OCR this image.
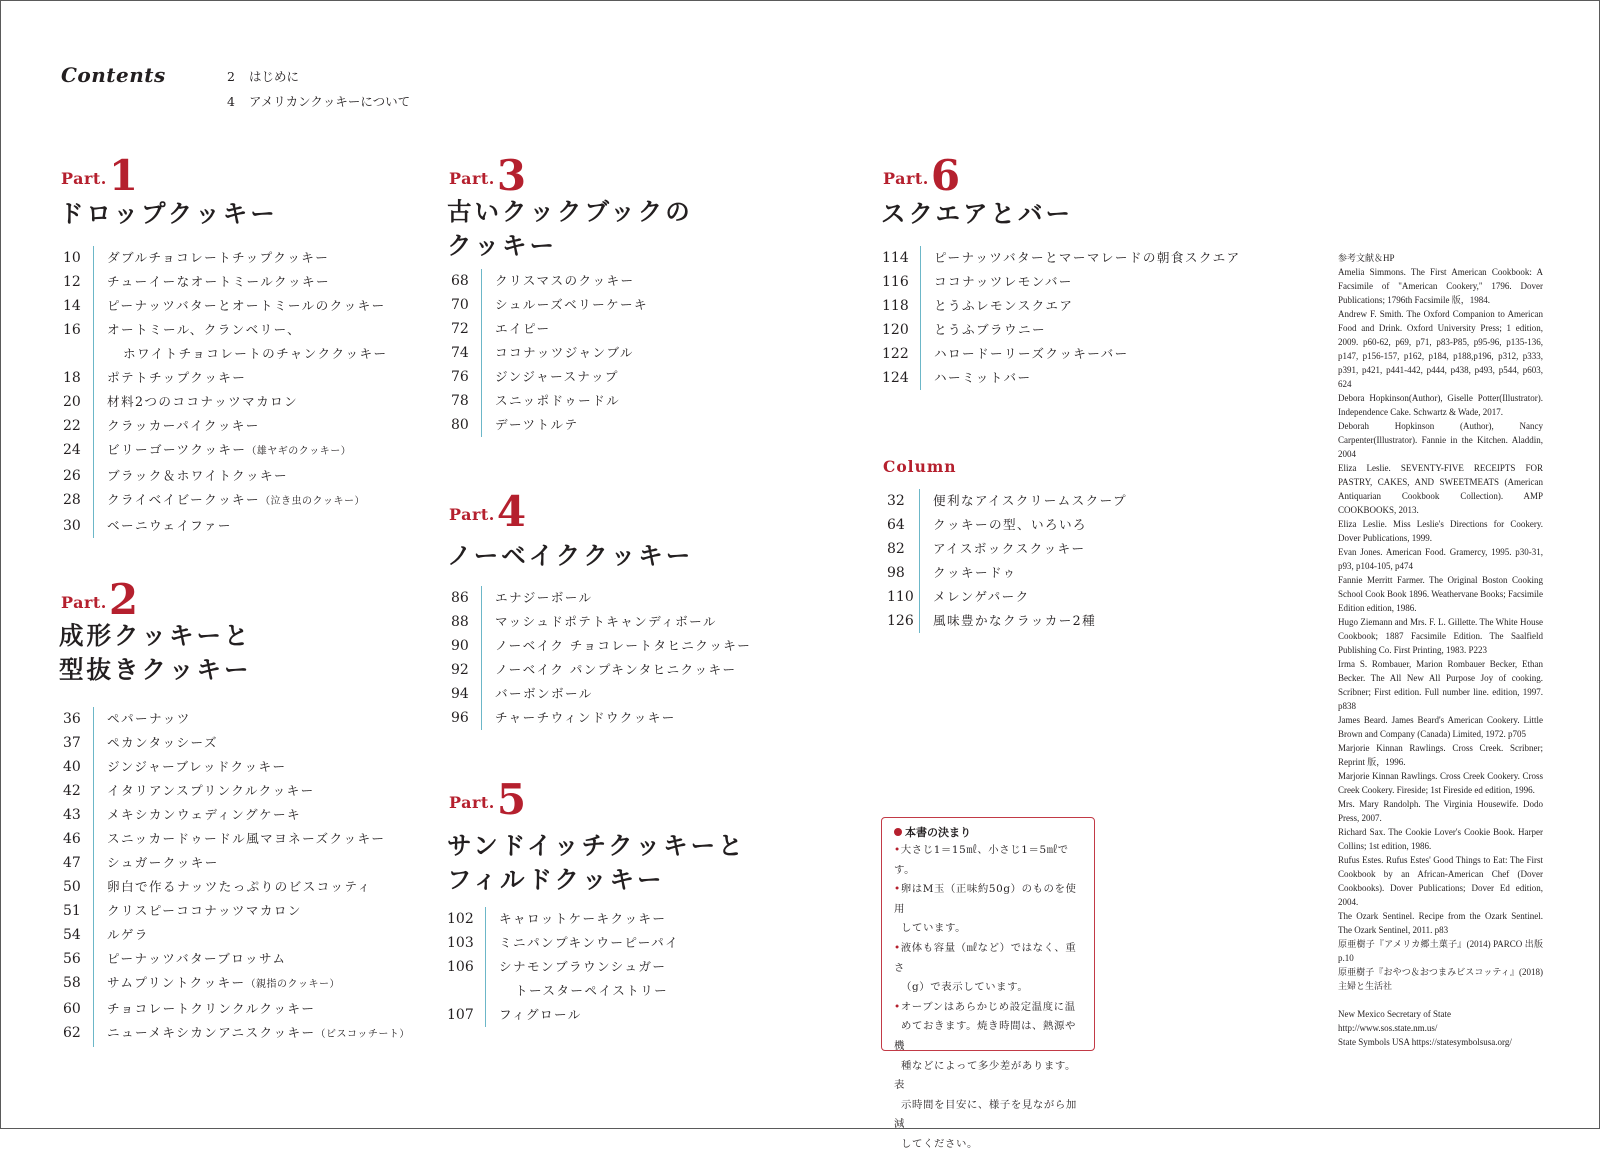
Contents	2 はじめに
4 アメリカンクッキーについて
Part.1
ドロップクッキー
10	ダブルチョコレートチップクッキー
12	チューイーなオートミールクッキー
14	ピーナッツバターとオートミールのクッキー
16	オートミール、クランベリー、
ホワイトチョコレートのチャンククッキー
18	ポテトチップクッキー
20	材料2つのココナッツマカロン
22	クラッカーパイクッキー
24	ビリーゴーツクッキー（雄ヤギのクッキー）
26	ブラック＆ホワイトクッキー
28	クライベイビークッキー（泣き虫のクッキー）
30	ベーニウェイファー
Part.2
成形クッキーと
型抜きクッキー
36	ペパーナッツ
37	ペカンタッシーズ
40	ジンジャーブレッドクッキー
42	イタリアンスプリンクルクッキー
43	メキシカンウェディングケーキ
46	スニッカードゥードル風マヨネーズクッキー
47	シュガークッキー
50	卵白で作るナッツたっぷりのビスコッティ
51	クリスピーココナッツマカロン
54	ルゲラ
56	ピーナッツバターブロッサム
58	サムプリントクッキー（親指のクッキー）
60	チョコレートクリンクルクッキー
62	ニューメキシカンアニスクッキー（ビスコッチート）
Part.3
古いクックブックの
クッキー
68	クリスマスのクッキー
70	シュルーズベリーケーキ
72	エイピー
74	ココナッツジャンブル
76	ジンジャースナップ
78	スニッポドゥードル
80	デーツトルテ
Part.4
ノーベイククッキー
86	エナジーボール
88	マッシュドポテトキャンディボール
90	ノーベイク チョコレートタヒニクッキー
92	ノーベイク パンプキンタヒニクッキー
94	バーボンボール
96	チャーチウィンドウクッキー
Part.5
サンドイッチクッキーと
フィルドクッキー
102	キャロットケーキクッキー
103	ミニパンプキンウーピーパイ
106	シナモンブラウンシュガー
トースターペイストリー
107	フィグロール
Part.6
スクエアとバー
114	ピーナッツバターとマーマレードの朝食スクエア
116	ココナッツレモンバー
118	とうふレモンスクエア
120	とうふブラウニー
122	ハロードーリーズクッキーバー
124	ハーミットバー
Column
32	便利なアイスクリームスクープ
64	クッキーの型、いろいろ
82	アイスボックスクッキー
98	クッキードゥ
110	メレンゲパーク
126	風味豊かなクラッカー2種
本書の決まり
•大さじ1＝15㎖、小さじ1＝5㎖です。
•卵はM玉（正味約50g）のものを使用
しています。
•液体も容量（㎖など）ではなく、重さ
（g）で表示しています。
•オーブンはあらかじめ設定温度に温
めておきます。焼き時間は、熱源や機
種などによって多少差があります。表
示時間を目安に、様子を見ながら加減
してください。

参考文献＆HP

Amelia Simmons. The First American Cookbook: A Facsimile of "American Cookery," 1796. Dover Publications; 1796th Facsimile 版，1984.

Andrew F. Smith. The Oxford Companion to American Food and Drink. Oxford University Press; 1 edition, 2009. p60-62, p69, p71, p83-P85, p95-96, p135-136, p147, p156-157, p162, p184, p188,p196, p312, p333, p391, p421, p441-442, p444, p438, p493, p544, p603, 624

Debora Hopkinson(Author), Giselle Potter(Illustrator). Independence Cake. Schwartz & Wade, 2017.

Deborah Hopkinson (Author), Nancy Carpenter(Illustrator). Fannie in the Kitchen. Aladdin, 2004

Eliza Leslie. SEVENTY-FIVE RECEIPTS FOR PASTRY, CAKES, AND SWEETMEATS (American Antiquarian Cookbook Collection). AMP COOKBOOKS, 2013.

Eliza Leslie. Miss Leslie's Directions for Cookery. Dover Publications, 1999.

Evan Jones. American Food. Gramercy, 1995. p30-31, p93, p104-105, p474

Fannie Merritt Farmer. The Original Boston Cooking School Cook Book 1896. Weathervane Books; Facsimile Edition edition, 1986.

Hugo Ziemann and Mrs. F. L. Gillette. The White House Cookbook; 1887 Facsimile Edition. The Saalfield Publishing Co. First Printing, 1983. P223

Irma S. Rombauer, Marion Rombauer Becker, Ethan Becker. The All New All Purpose Joy of cooking. Scribner; First edition. Full number line. edition, 1997. p838

James Beard. James Beard's American Cookery. Little Brown and Company (Canada) Limited, 1972. p705

Marjorie Kinnan Rawlings. Cross Creek. Scribner; Reprint 版，1996.

Marjorie Kinnan Rawlings. Cross Creek Cookery. Cross Creek Cookery. Fireside; 1st Fireside ed edition, 1996.

Mrs. Mary Randolph. The Virginia Housewife. Dodo Press, 2007.

Richard Sax. The Cookie Lover's Cookie Book. Harper Collins; 1st edition, 1986.

Rufus Estes. Rufus Estes' Good Things to Eat: The First Cookbook by an African-American Chef (Dover Cookbooks). Dover Publications; Dover Ed edition, 2004.

The Ozark Sentinel. Recipe from the Ozark Sentinel. The Ozark Sentinel, 2011. p83

原亜樹子『アメリカ郷土菓子』(2014) PARCO 出版 p.10

原亜樹子『おやつ＆おつまみビスコッティ』(2018) 主婦と生活社

New Mexico Secretary of State

http://www.sos.state.nm.us/

State Symbols USA https://statesymbolsusa.org/
